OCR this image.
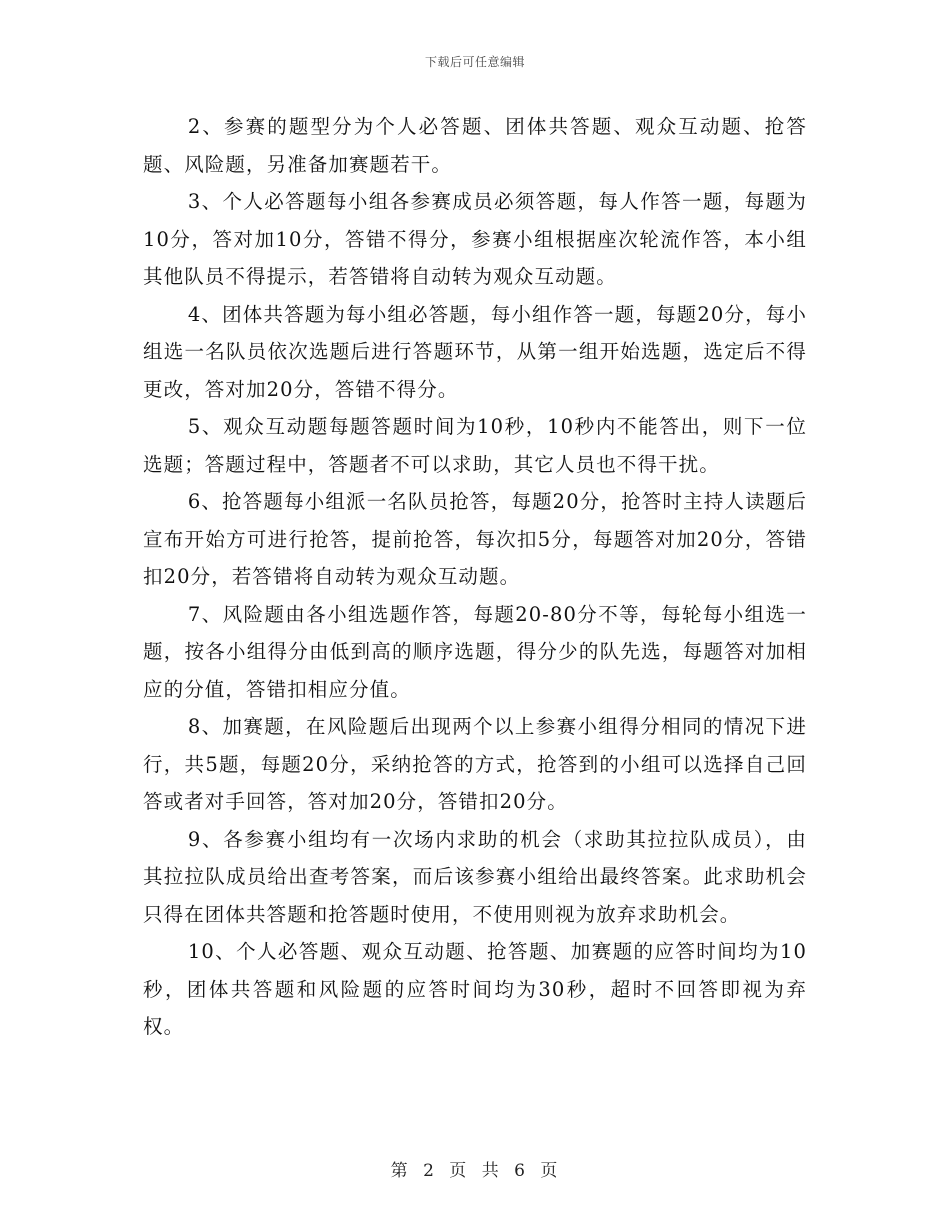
下载后可任意编辑

2、参赛的题型分为个人必答题、团体共答题、观众互动题、抢答题、风险题，另准备加赛题若干。

3、个人必答题每小组各参赛成员必须答题，每人作答一题，每题为10分，答对加10分，答错不得分，参赛小组根据座次轮流作答，本小组其他队员不得提示，若答错将自动转为观众互动题。

4、团体共答题为每小组必答题，每小组作答一题，每题20分，每小组选一名队员依次选题后进行答题环节，从第一组开始选题，选定后不得更改，答对加20分，答错不得分。

5、观众互动题每题答题时间为10秒，10秒内不能答出，则下一位选题；答题过程中，答题者不可以求助，其它人员也不得干扰。

6、抢答题每小组派一名队员抢答，每题20分，抢答时主持人读题后宣布开始方可进行抢答，提前抢答，每次扣5分，每题答对加20分，答错扣20分，若答错将自动转为观众互动题。

7、风险题由各小组选题作答，每题20-80分不等，每轮每小组选一题，按各小组得分由低到高的顺序选题，得分少的队先选，每题答对加相应的分值，答错扣相应分值。

8、加赛题，在风险题后出现两个以上参赛小组得分相同的情况下进行，共5题，每题20分，采纳抢答的方式，抢答到的小组可以选择自己回答或者对手回答，答对加20分，答错扣20分。

9、各参赛小组均有一次场内求助的机会（求助其拉拉队成员），由其拉拉队成员给出查考答案，而后该参赛小组给出最终答案。此求助机会只得在团体共答题和抢答题时使用，不使用则视为放弃求助机会。

10、个人必答题、观众互动题、抢答题、加赛题的应答时间均为10秒，团体共答题和风险题的应答时间均为30秒，超时不回答即视为弃权。

第 2 页 共 6 页
